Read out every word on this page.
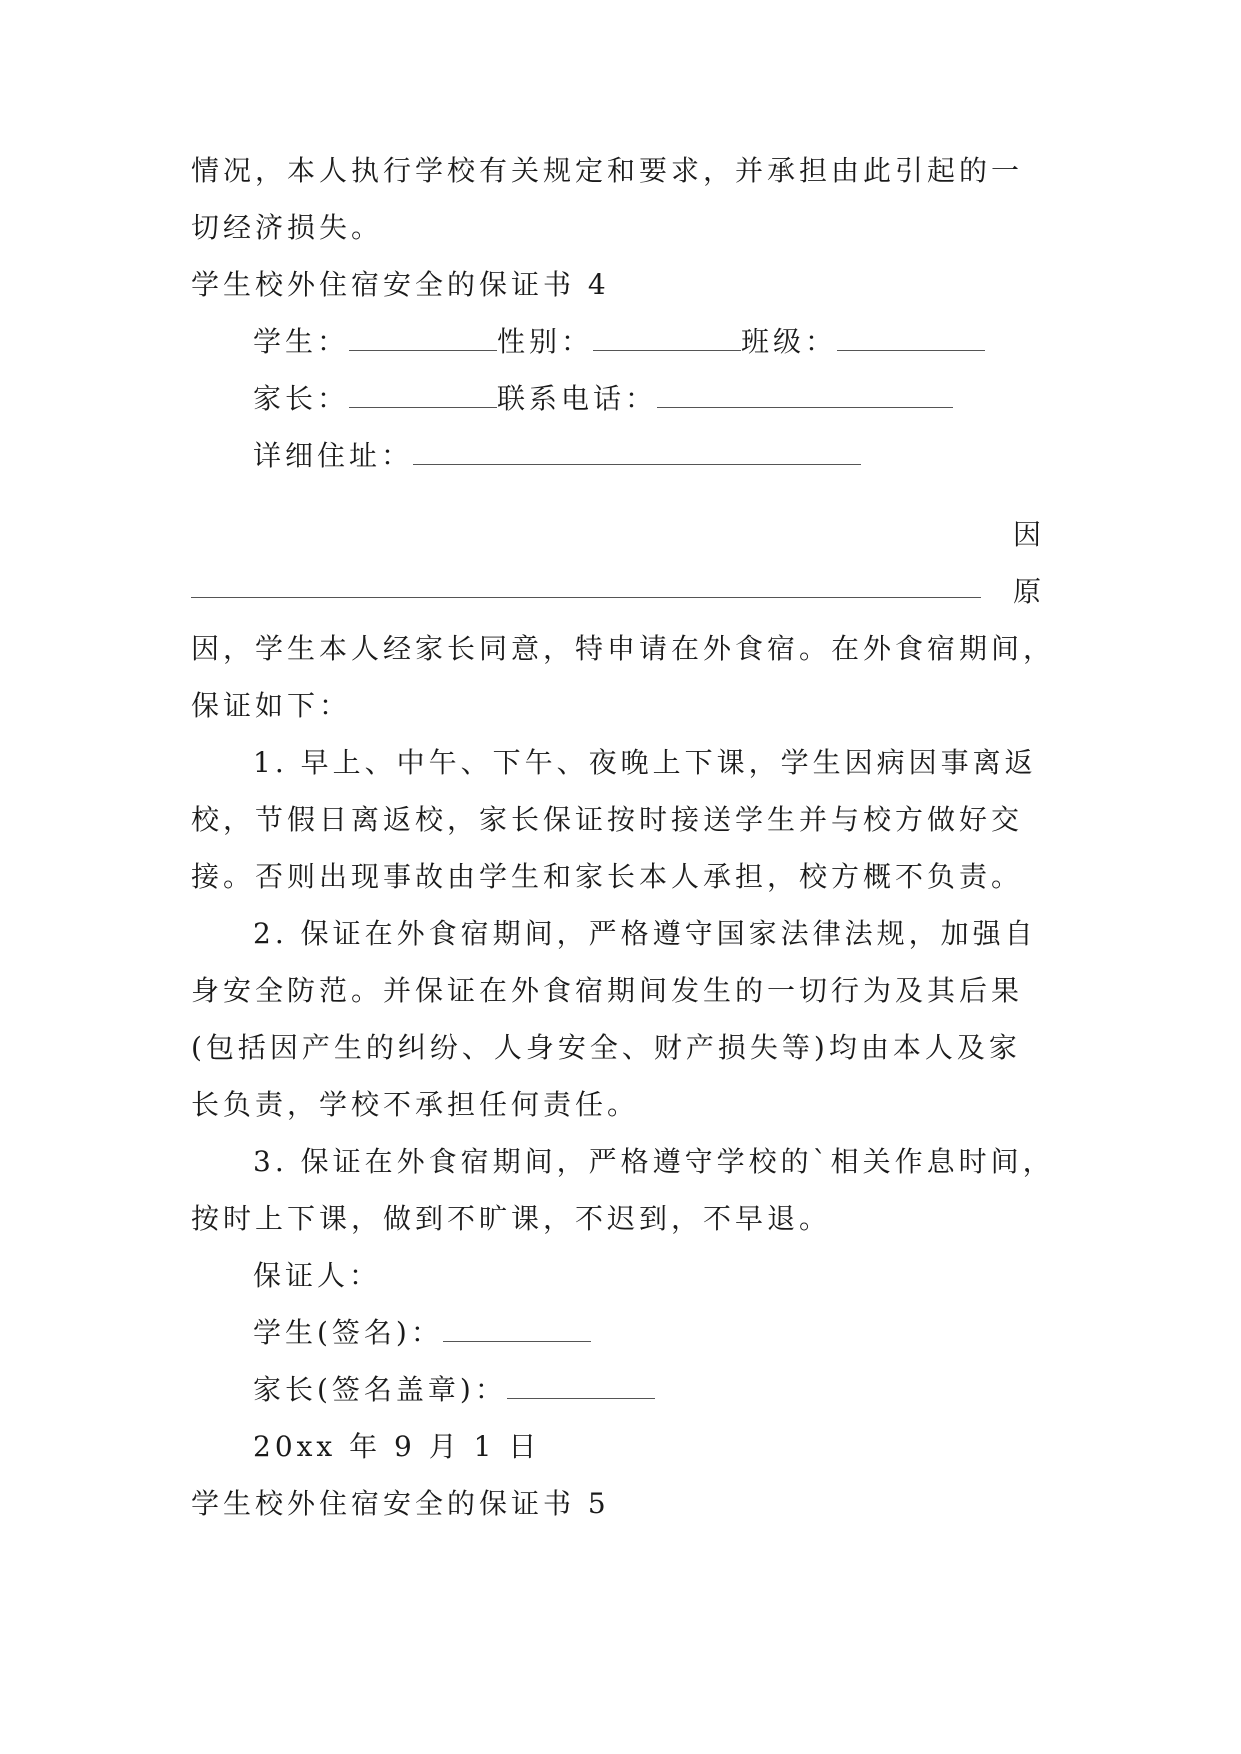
情况，本人执行学校有关规定和要求，并承担由此引起的一
切经济损失。
学生校外住宿安全的保证书 4
学生：	性别：	班级：
家长：	联系电话：
详细住址：
因
原
因，学生本人经家长同意，特申请在外食宿。在外食宿期间，
保证如下：
1. 早上、中午、下午、夜晚上下课，学生因病因事离返
校，节假日离返校，家长保证按时接送学生并与校方做好交
接。否则出现事故由学生和家长本人承担，校方概不负责。
2. 保证在外食宿期间，严格遵守国家法律法规，加强自
身安全防范。并保证在外食宿期间发生的一切行为及其后果
(包括因产生的纠纷、人身安全、财产损失等)均由本人及家
长负责，学校不承担任何责任。
3. 保证在外食宿期间，严格遵守学校的`相关作息时间，
按时上下课，做到不旷课，不迟到，不早退。
保证人：
学生(签名)：
家长(签名盖章)：
20xx 年 9 月 1 日
学生校外住宿安全的保证书 5
